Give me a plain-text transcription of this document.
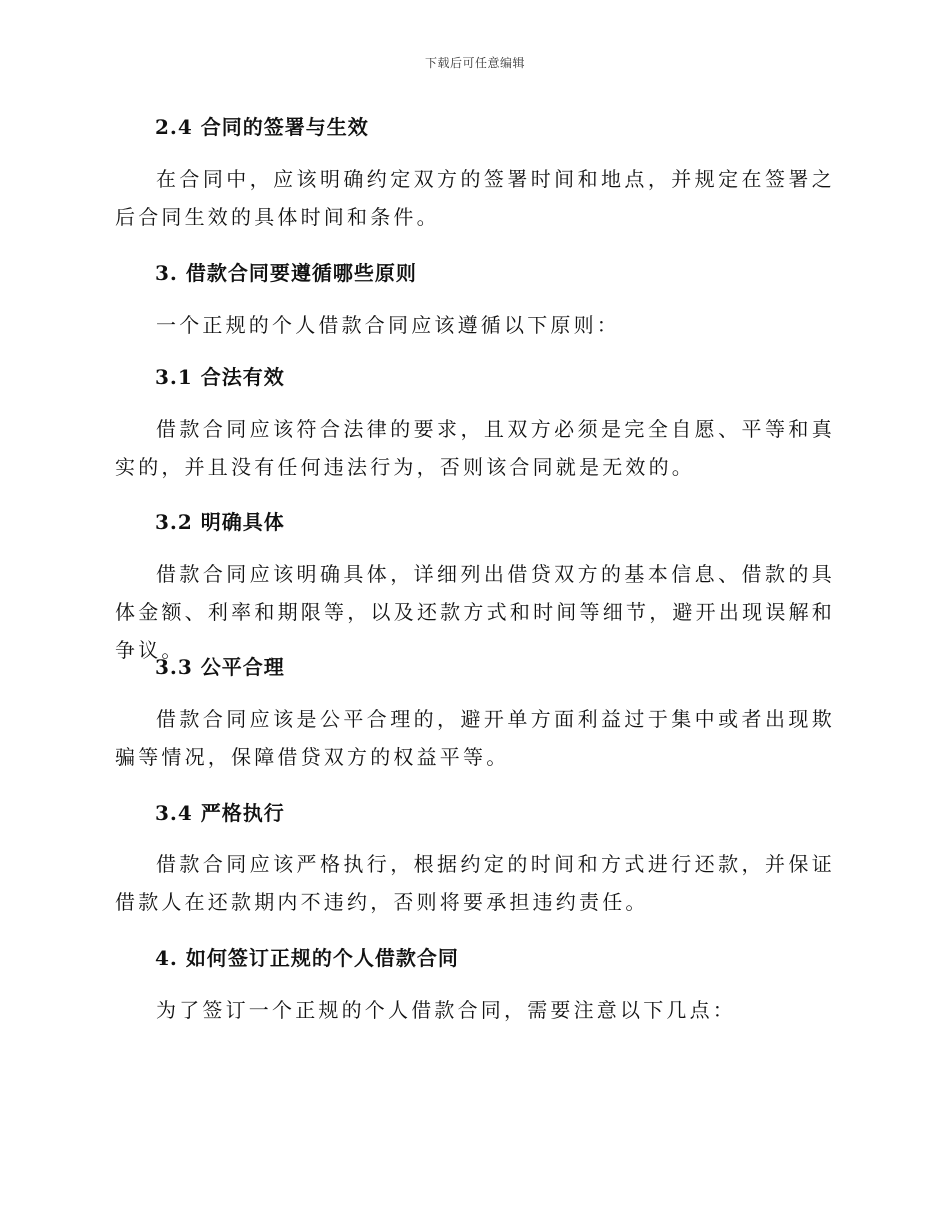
下载后可任意编辑
2.4 合同的签署与生效
在合同中，应该明确约定双方的签署时间和地点，并规定在签署之后合同生效的具体时间和条件。
3. 借款合同要遵循哪些原则
一个正规的个人借款合同应该遵循以下原则：
3.1 合法有效
借款合同应该符合法律的要求，且双方必须是完全自愿、平等和真实的，并且没有任何违法行为，否则该合同就是无效的。
3.2 明确具体
借款合同应该明确具体，详细列出借贷双方的基本信息、借款的具体金额、利率和期限等，以及还款方式和时间等细节，避开出现误解和争议。
3.3 公平合理
借款合同应该是公平合理的，避开单方面利益过于集中或者出现欺骗等情况，保障借贷双方的权益平等。
3.4 严格执行
借款合同应该严格执行，根据约定的时间和方式进行还款，并保证借款人在还款期内不违约，否则将要承担违约责任。
4. 如何签订正规的个人借款合同
为了签订一个正规的个人借款合同，需要注意以下几点：
